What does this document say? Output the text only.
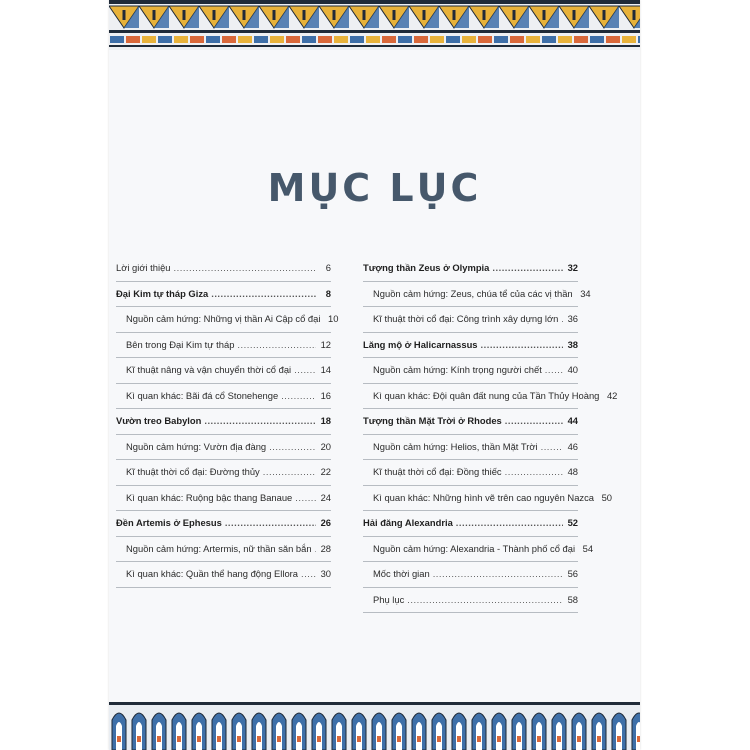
MỤC LỤC
Lời giới thiệu .....	6
Đại Kim tự tháp Giza .....	8
Nguồn cảm hứng: Những vị thần Ai Cập cổ đại 10
Bên trong Đại Kim tự tháp .....	12
Kĩ thuật nâng và vận chuyển thời cổ đại .....	14
Kì quan khác: Bãi đá cổ Stonehenge .....	16
Vườn treo Babylon .....	18
Nguồn cảm hứng: Vườn địa đàng .....	20
Kĩ thuật thời cổ đại: Đường thủy .....	22
Kì quan khác: Ruộng bậc thang Banaue .....	24
Đền Artemis ở Ephesus .....	26
Nguồn cảm hứng: Artermis, nữ thần săn bắn ..... 28
Kì quan khác: Quần thể hang động Ellora ..... 30
Tượng thần Zeus ở Olympia .....	32
Nguồn cảm hứng: Zeus, chúa tể của các vị thần 34
Kĩ thuật thời cổ đại: Công trình xây dựng lớn ..... 36
Lăng mộ ở Halicarnassus .....	38
Nguồn cảm hứng: Kính trọng người chết .....	40
Kì quan khác: Đội quân đất nung của Tần Thủy Hoàng 42
Tượng thần Mặt Trời ở Rhodes .....	44
Nguồn cảm hứng: Helios, thần Mặt Trời .....	46
Kĩ thuật thời cổ đại: Đồng thiếc .....	48
Kì quan khác: Những hình vẽ trên cao nguyên Nazca 50
Hải đăng Alexandria .....	52
Nguồn cảm hứng: Alexandria - Thành phố cổ đại 54
Mốc thời gian .....	56
Phụ lục .....	58
